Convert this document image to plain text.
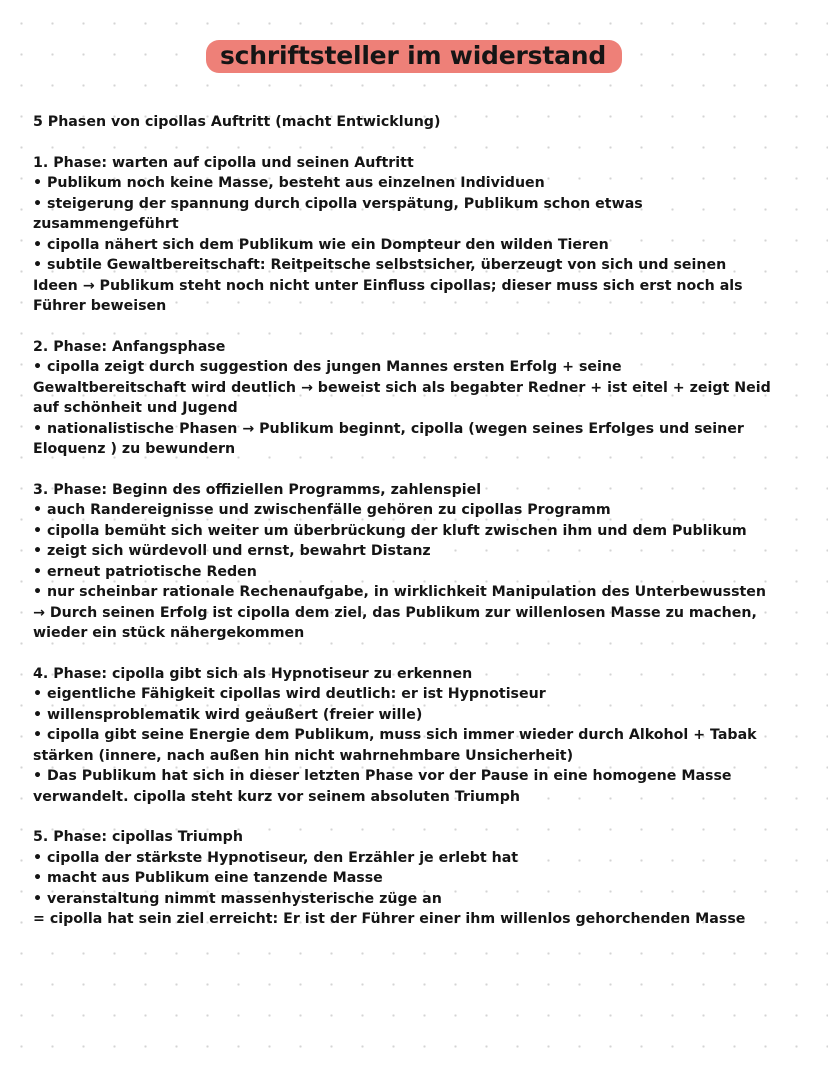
schriftsteller im widerstand

5 Phasen von cipollas Auftritt (macht Entwicklung)

1. Phase: warten auf cipolla und seinen Auftritt

• Publikum noch keine Masse, besteht aus einzelnen Individuen
• steigerung der spannung durch cipolla verspätung, Publikum schon etwas zusammengeführt
• cipolla nähert sich dem Publikum wie ein Dompteur den wilden Tieren
• subtile Gewaltbereitschaft: Reitpeitsche selbstsicher, überzeugt von sich und seinen Ideen → Publikum steht noch nicht unter Einfluss cipollas; dieser muss sich erst noch als Führer beweisen

2. Phase: Anfangsphase

• cipolla zeigt durch suggestion des jungen Mannes ersten Erfolg + seine Gewaltbereitschaft wird deutlich → beweist sich als begabter Redner + ist eitel + zeigt Neid auf schönheit und Jugend
• nationalistische Phasen → Publikum beginnt, cipolla (wegen seines Erfolges und seiner Eloquenz ) zu bewundern

3. Phase: Beginn des offiziellen Programms, zahlenspiel

• auch Randereignisse und zwischenfälle gehören zu cipollas Programm
• cipolla bemüht sich weiter um überbrückung der kluft zwischen ihm und dem Publikum
• zeigt sich würdevoll und ernst, bewahrt Distanz
• erneut patriotische Reden
• nur scheinbar rationale Rechenaufgabe, in wirklichkeit Manipulation des Unterbewussten → Durch seinen Erfolg ist cipolla dem ziel, das Publikum zur willenlosen Masse zu machen, wieder ein stück nähergekommen

4. Phase: cipolla gibt sich als Hypnotiseur zu erkennen

• eigentliche Fähigkeit cipollas wird deutlich: er ist Hypnotiseur
• willensproblematik wird geäußert (freier wille)
• cipolla gibt seine Energie dem Publikum, muss sich immer wieder durch Alkohol + Tabak stärken (innere, nach außen hin nicht wahrnehmbare Unsicherheit)
• Das Publikum hat sich in dieser letzten Phase vor der Pause in eine homogene Masse verwandelt. cipolla steht kurz vor seinem absoluten Triumph

5. Phase: cipollas Triumph

• cipolla der stärkste Hypnotiseur, den Erzähler je erlebt hat
• macht aus Publikum eine tanzende Masse
• veranstaltung nimmt massenhysterische züge an
= cipolla hat sein ziel erreicht: Er ist der Führer einer ihm willenlos gehorchenden Masse
